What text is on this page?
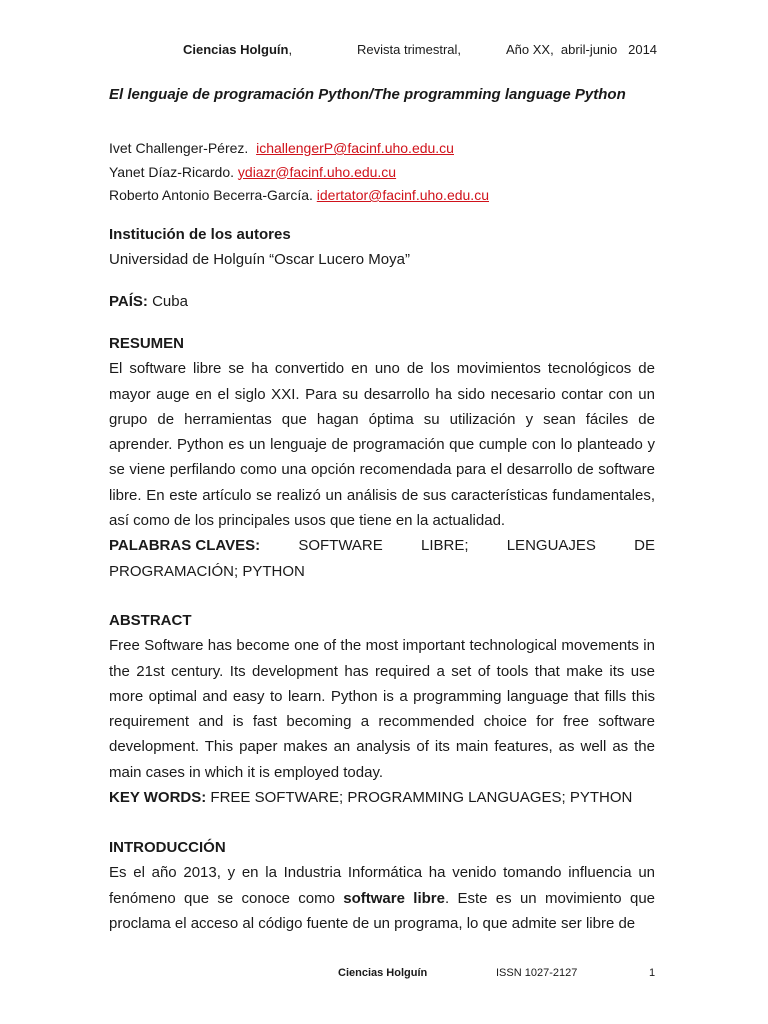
Ciencias Holguín,	Revista trimestral,	Año XX,  abril-junio   2014
El lenguaje de programación Python/The programming language Python
Ivet Challenger-Pérez. ichallengerP@facinf.uho.edu.cu
Yanet Díaz-Ricardo. ydiazr@facinf.uho.edu.cu
Roberto Antonio Becerra-García. idertator@facinf.uho.edu.cu
Institución de los autores
Universidad de Holguín “Oscar Lucero Moya”
PAÍS: Cuba
RESUMEN
El software libre se ha convertido en uno de los movimientos tecnológicos de mayor auge en el siglo XXI. Para su desarrollo ha sido necesario contar con un grupo de herramientas que hagan óptima su utilización y sean fáciles de aprender. Python es un lenguaje de programación que cumple con lo planteado y se viene perfilando como una opción recomendada para el desarrollo de software libre. En este artículo se realizó un análisis de sus características fundamentales, así como de los principales usos que tiene en la actualidad.
PALABRAS CLAVES:	SOFTWARE	LIBRE;	LENGUAJES	DE
PROGRAMACIÓN; PYTHON
ABSTRACT
Free Software has become one of the most important technological movements in the 21st century. Its development has required a set of tools that make its use more optimal and easy to learn. Python is a programming language that fills this requirement and is fast becoming a recommended choice for free software development. This paper makes an analysis of its main features, as well as the main cases in which it is employed today.
KEY WORDS: FREE SOFTWARE; PROGRAMMING LANGUAGES; PYTHON
INTRODUCCIÓN
Es el año 2013, y en la Industria Informática ha venido tomando influencia un fenómeno que se conoce como software libre. Este es un movimiento que proclama el acceso al código fuente de un programa, lo que admite ser libre de
Ciencias Holguín	ISSN 1027-2127	1
